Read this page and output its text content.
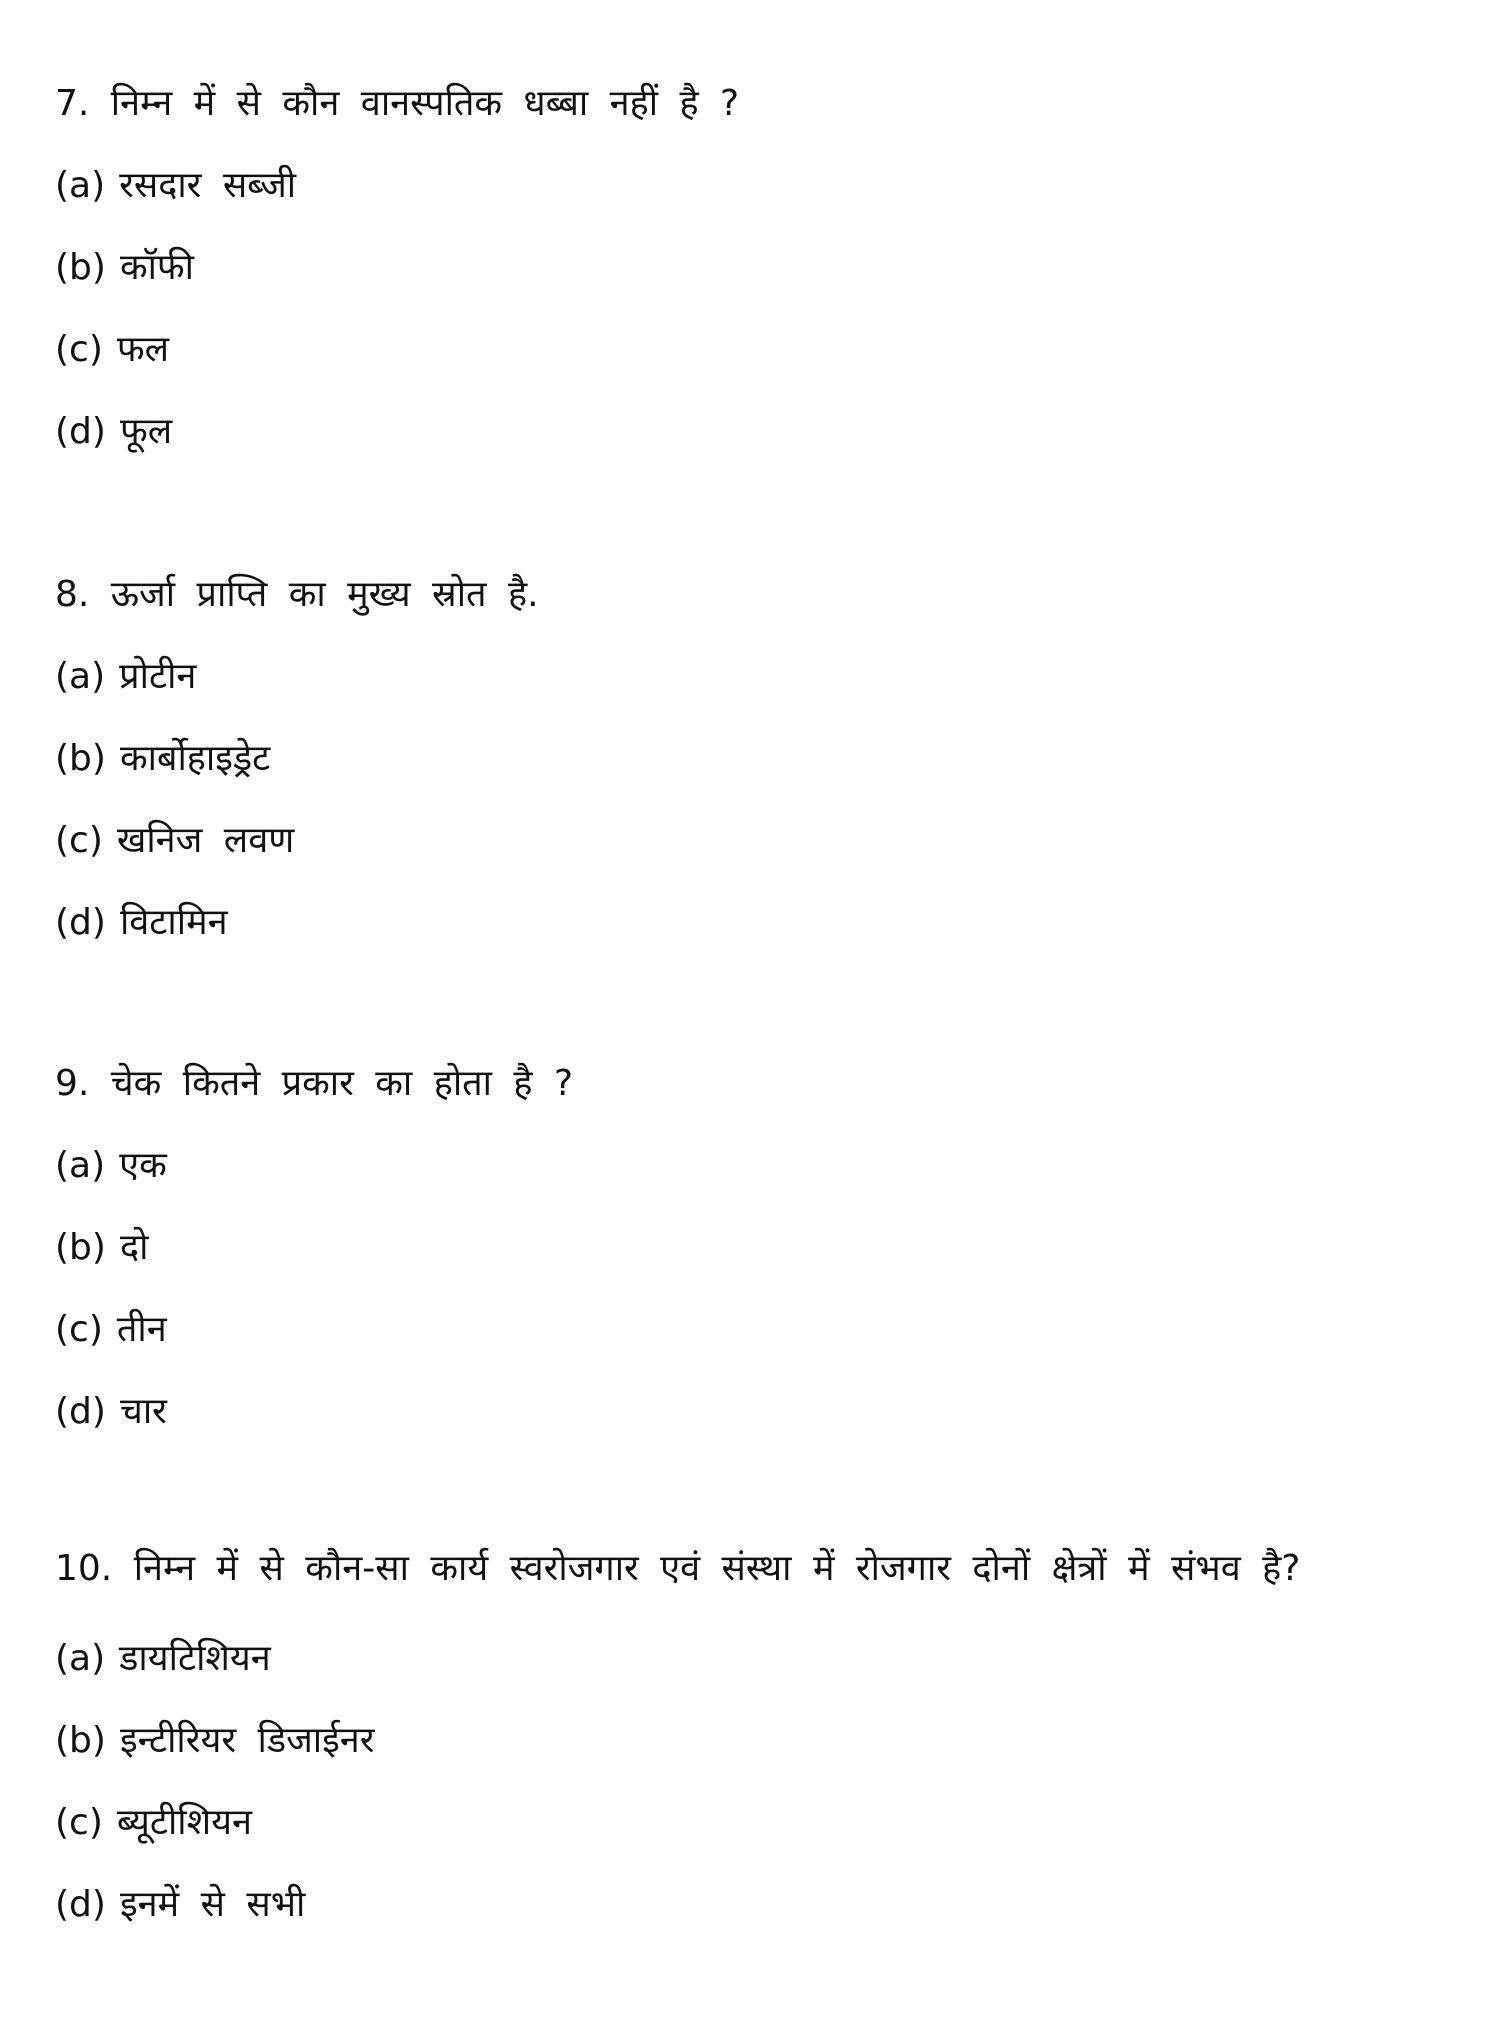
7. निम्न में से कौन वानस्पतिक धब्बा नहीं है ?
(a) रसदार सब्जी
(b) कॉफी
(c) फल
(d) फूल
8. ऊर्जा प्राप्ति का मुख्य स्रोत है.
(a) प्रोटीन
(b) कार्बोहाइड्रेट
(c) खनिज लवण
(d) विटामिन
9. चेक कितने प्रकार का होता है ?
(a) एक
(b) दो
(c) तीन
(d) चार
10. निम्न में से कौन-सा कार्य स्वरोजगार एवं संस्था में रोजगार दोनों क्षेत्रों में संभव है?
(a) डायटिशियन
(b) इन्टीरियर डिजाईनर
(c) ब्यूटीशियन
(d) इनमें से सभी
